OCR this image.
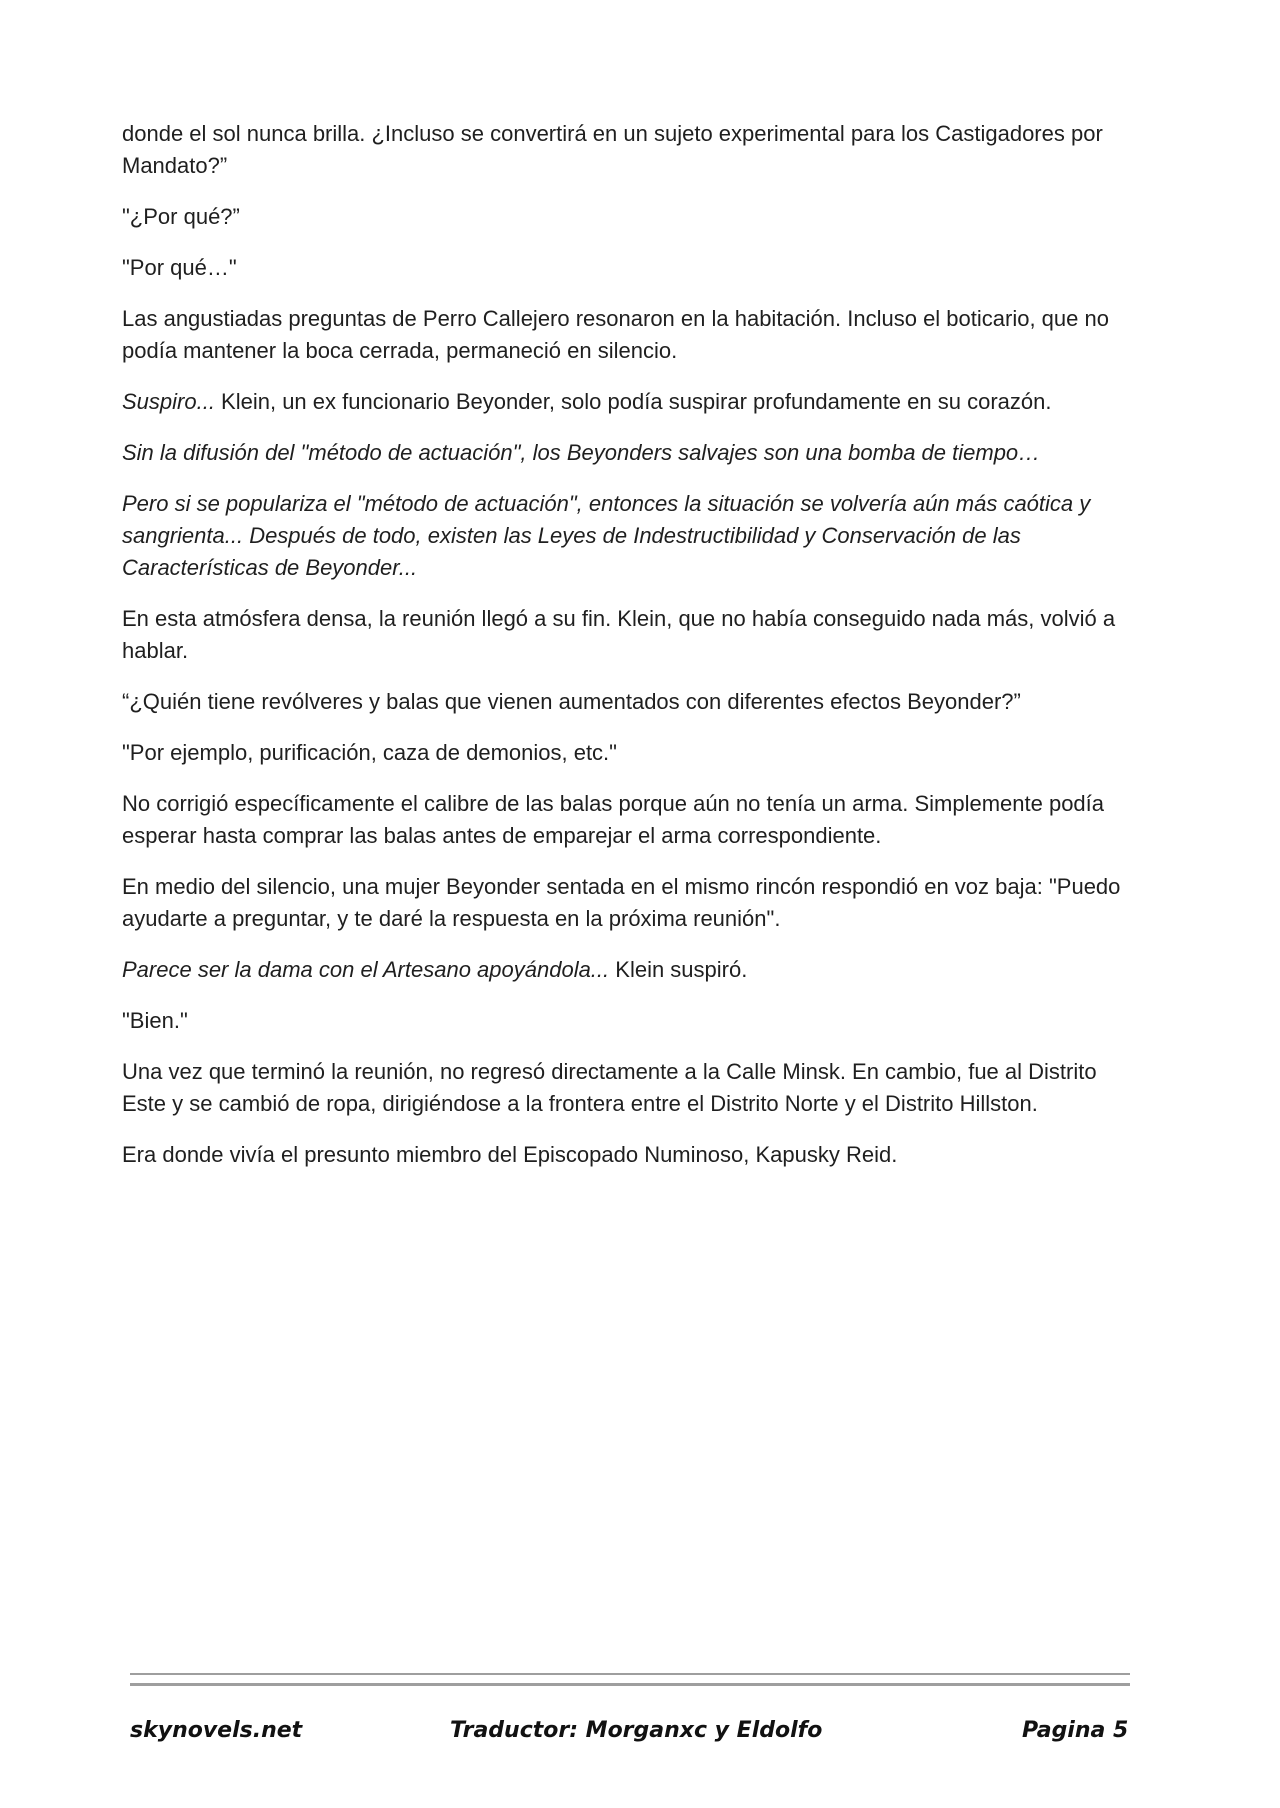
donde el sol nunca brilla. ¿Incluso se convertirá en un sujeto experimental para los Castigadores por Mandato?”

"¿Por qué?”

"Por qué…"

Las angustiadas preguntas de Perro Callejero resonaron en la habitación. Incluso el boticario, que no podía mantener la boca cerrada, permaneció en silencio.

Suspiro... Klein, un ex funcionario Beyonder, solo podía suspirar profundamente en su corazón.

Sin la difusión del "método de actuación", los Beyonders salvajes son una bomba de tiempo…

Pero si se populariza el "método de actuación", entonces la situación se volvería aún más caótica y sangrienta... Después de todo, existen las Leyes de Indestructibilidad y Conservación de las Características de Beyonder...

En esta atmósfera densa, la reunión llegó a su fin. Klein, que no había conseguido nada más, volvió a hablar.

“¿Quién tiene revólveres y balas que vienen aumentados con diferentes efectos Beyonder?”

"Por ejemplo, purificación, caza de demonios, etc."

No corrigió específicamente el calibre de las balas porque aún no tenía un arma. Simplemente podía esperar hasta comprar las balas antes de emparejar el arma correspondiente.

En medio del silencio, una mujer Beyonder sentada en el mismo rincón respondió en voz baja: "Puedo ayudarte a preguntar, y te daré la respuesta en la próxima reunión".

Parece ser la dama con el Artesano apoyándola... Klein suspiró.

"Bien."

Una vez que terminó la reunión, no regresó directamente a la Calle Minsk. En cambio, fue al Distrito Este y se cambió de ropa, dirigiéndose a la frontera entre el Distrito Norte y el Distrito Hillston.

Era donde vivía el presunto miembro del Episcopado Numinoso, Kapusky Reid.

skynovels.net	Traductor: Morganxc y Eldolfo	Pagina 5
